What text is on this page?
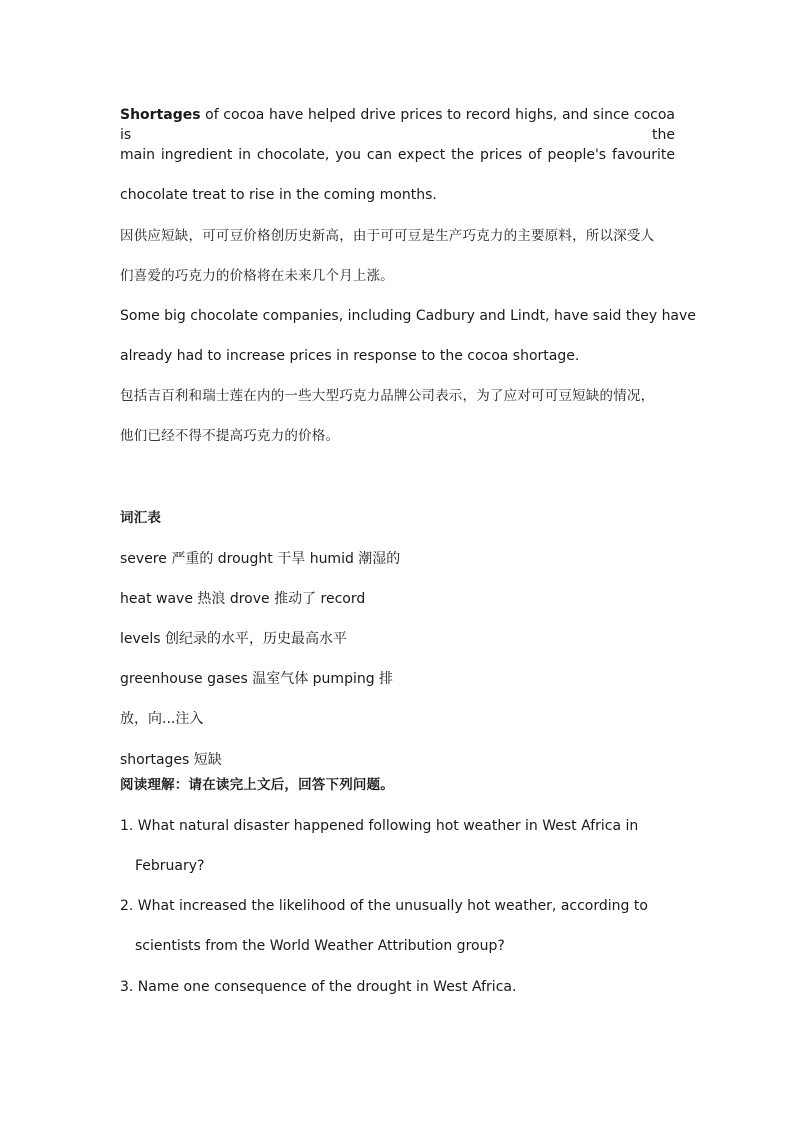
Shortages of cocoa have helped drive prices to record highs, and since cocoa is the
main ingredient in chocolate, you can expect the prices of people's favourite
chocolate treat to rise in the coming months.
因供应短缺，可可豆价格创历史新高，由于可可豆是生产巧克力的主要原料，所以深受人
们喜爱的巧克力的价格将在未来几个月上涨。
Some big chocolate companies, including Cadbury and Lindt, have said they have
already had to increase prices in response to the cocoa shortage.
包括吉百利和瑞士莲在内的一些大型巧克力品牌公司表示，为了应对可可豆短缺的情况，
他们已经不得不提高巧克力的价格。
词汇表
severe 严重的 drought 干旱 humid 潮湿的
heat wave 热浪 drove 推动了 record
levels 创纪录的水平，历史最高水平
greenhouse gases 温室气体 pumping 排
放，向...注入
shortages 短缺
阅读理解：请在读完上文后，回答下列问题。
1. What natural disaster happened following hot weather in West Africa in
February?
2. What increased the likelihood of the unusually hot weather, according to
scientists from the World Weather Attribution group?
3. Name one consequence of the drought in West Africa.
